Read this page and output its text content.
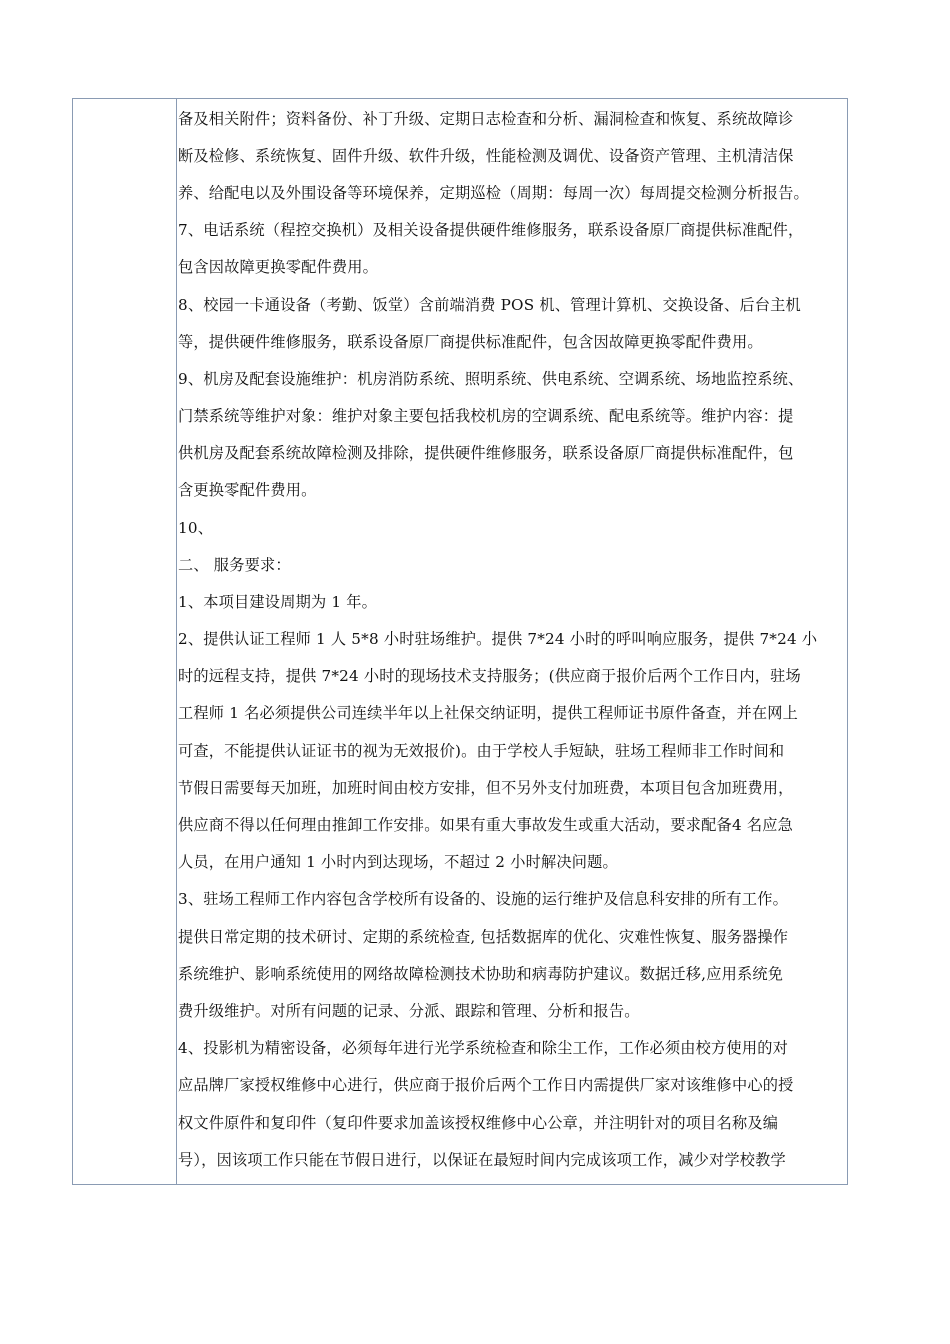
备及相关附件；资料备份、补丁升级、定期日志检查和分析、漏洞检查和恢复、系统故障诊
断及检修、系统恢复、固件升级、软件升级，性能检测及调优、设备资产管理、主机清洁保
养、给配电以及外围设备等环境保养，定期巡检（周期：每周一次）每周提交检测分析报告。
7、电话系统（程控交换机）及相关设备提供硬件维修服务，联系设备原厂商提供标准配件，
包含因故障更换零配件费用。
8、校园一卡通设备（考勤、饭堂）含前端消费 POS 机、管理计算机、交换设备、后台主机
等，提供硬件维修服务，联系设备原厂商提供标准配件，包含因故障更换零配件费用。
9、机房及配套设施维护：机房消防系统、照明系统、供电系统、空调系统、场地监控系统、
门禁系统等维护对象：维护对象主要包括我校机房的空调系统、配电系统等。维护内容：提
供机房及配套系统故障检测及排除，提供硬件维修服务，联系设备原厂商提供标准配件，包
含更换零配件费用。
10、
二、 服务要求：
1、本项目建设周期为 1 年。
2、提供认证工程师 1 人 5*8 小时驻场维护。提供 7*24 小时的呼叫响应服务，提供 7*24 小
时的远程支持，提供 7*24 小时的现场技术支持服务；(供应商于报价后两个工作日内，驻场
工程师 1 名必须提供公司连续半年以上社保交纳证明，提供工程师证书原件备查，并在网上
可查，不能提供认证证书的视为无效报价)。由于学校人手短缺，驻场工程师非工作时间和
节假日需要每天加班，加班时间由校方安排，但不另外支付加班费，本项目包含加班费用，
供应商不得以任何理由推卸工作安排。如果有重大事故发生或重大活动，要求配备4 名应急
人员，在用户通知 1 小时内到达现场，不超过 2 小时解决问题。
3、驻场工程师工作内容包含学校所有设备的、设施的运行维护及信息科安排的所有工作。
提供日常定期的技术研讨、定期的系统检查, 包括数据库的优化、灾难性恢复、服务器操作
系统维护、影响系统使用的网络故障检测技术协助和病毒防护建议。数据迁移,应用系统免
费升级维护。对所有问题的记录、分派、跟踪和管理、分析和报告。
4、投影机为精密设备，必须每年进行光学系统检查和除尘工作，工作必须由校方使用的对
应品牌厂家授权维修中心进行，供应商于报价后两个工作日内需提供厂家对该维修中心的授
权文件原件和复印件（复印件要求加盖该授权维修中心公章，并注明针对的项目名称及编
号），因该项工作只能在节假日进行，以保证在最短时间内完成该项工作，减少对学校教学
